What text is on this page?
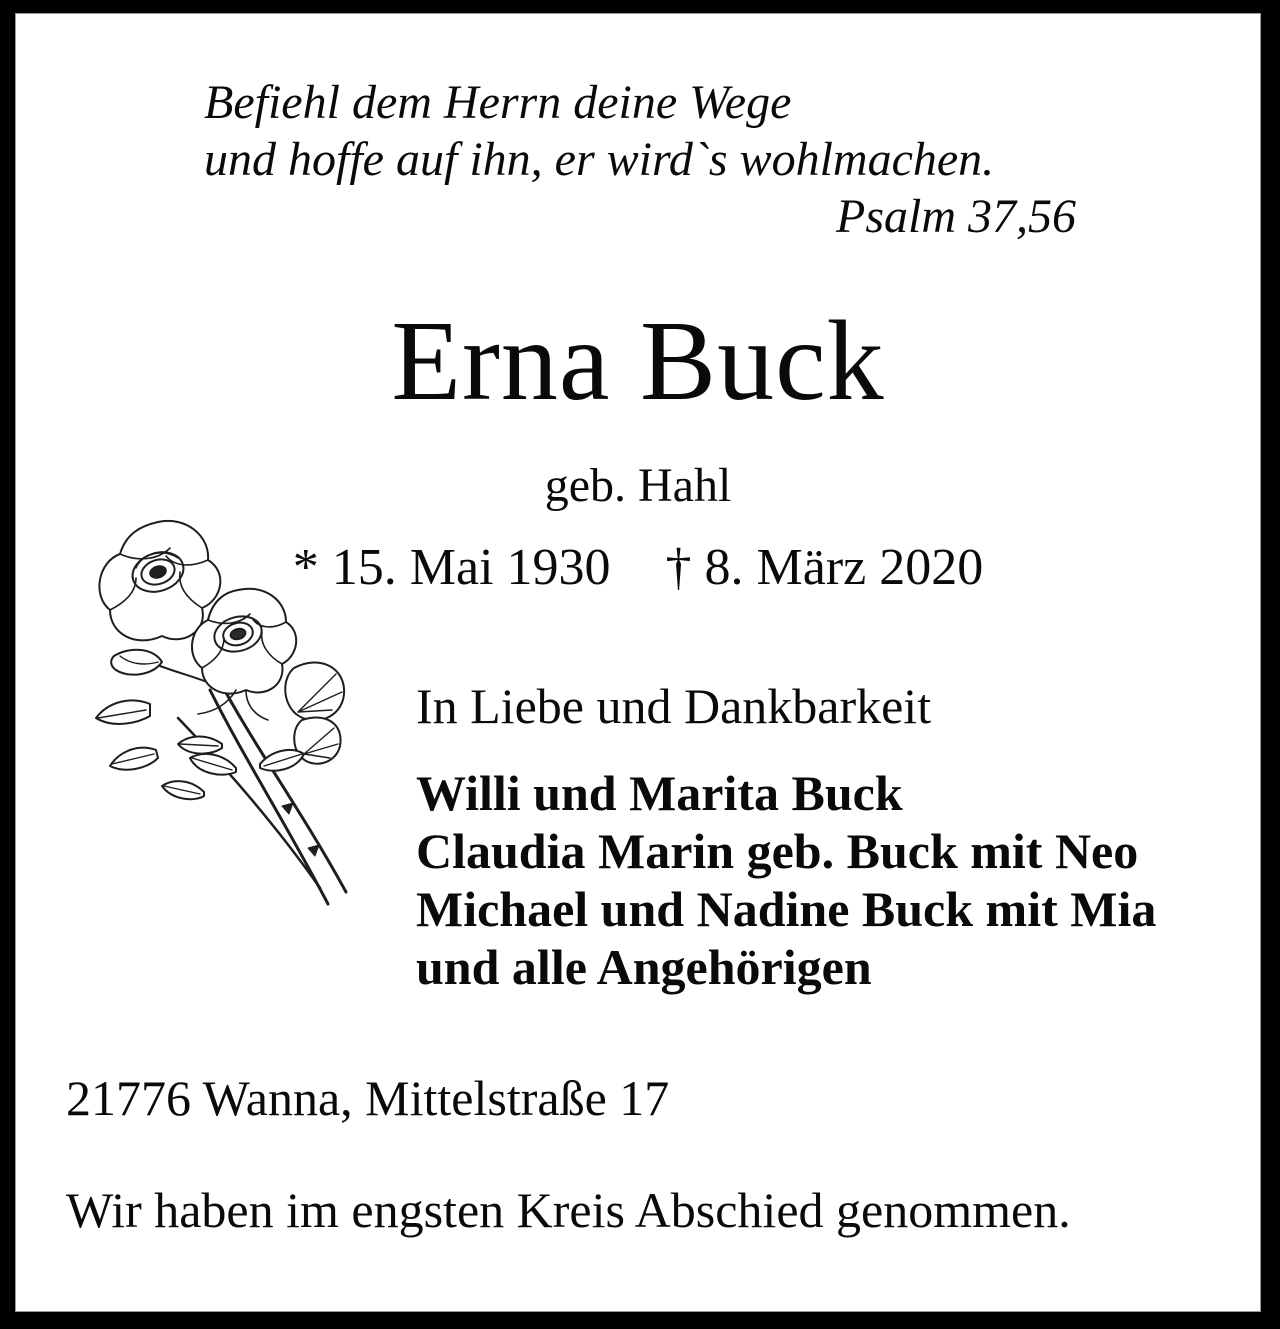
Befiehl dem Herrn deine Wege
und hoffe auf ihn, er wird`s wohlmachen.
Psalm 37,56
Erna Buck
geb. Hahl
* 15. Mai 1930 † 8. März 2020
In Liebe und Dankbarkeit
Willi und Marita Buck
Claudia Marin geb. Buck mit Neo
Michael und Nadine Buck mit Mia
und alle Angehörigen
21776 Wanna, Mittelstraße 17
Wir haben im engsten Kreis Abschied genommen.
